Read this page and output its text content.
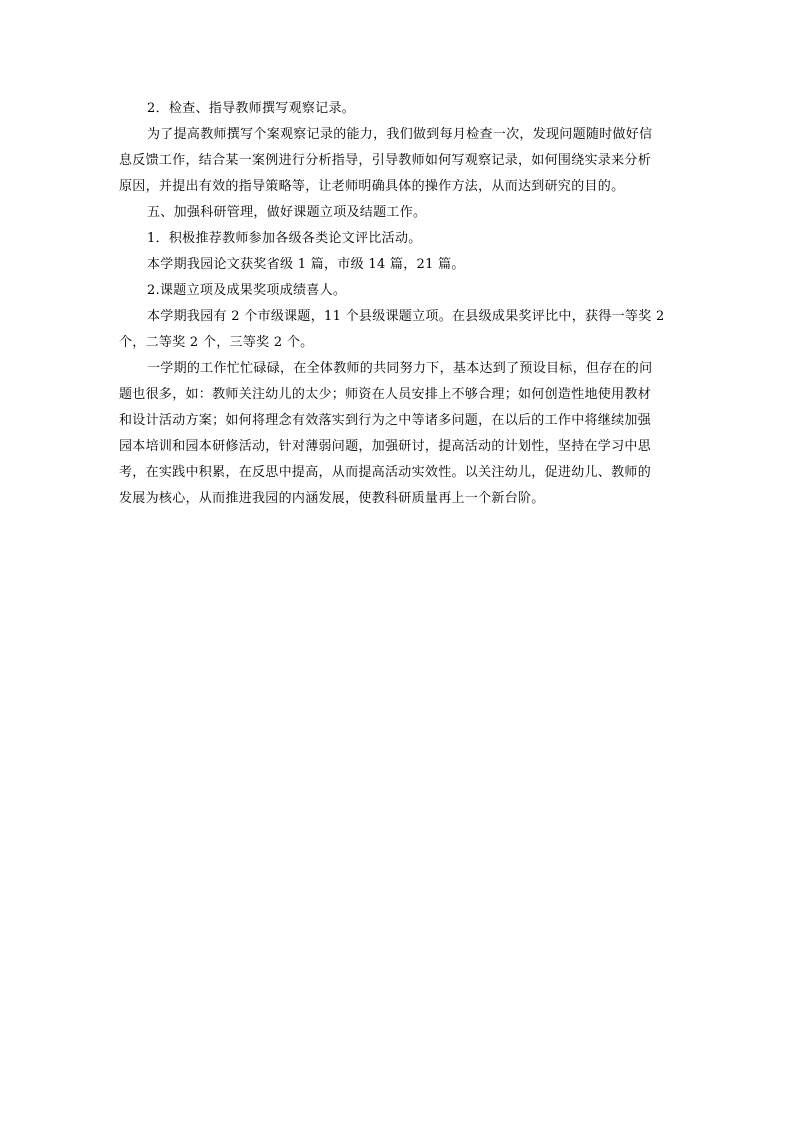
2．检查、指导教师撰写观察记录。
为了提高教师撰写个案观察记录的能力，我们做到每月检查一次，发现问题随时做好信
息反馈工作，结合某一案例进行分析指导，引导教师如何写观察记录，如何围绕实录来分析
原因，并提出有效的指导策略等，让老师明确具体的操作方法，从而达到研究的目的。
五、加强科研管理，做好课题立项及结题工作。
1．积极推荐教师参加各级各类论文评比活动。
本学期我园论文获奖省级 1 篇，市级 14 篇，21 篇。
2.课题立项及成果奖项成绩喜人。
本学期我园有 2 个市级课题，11 个县级课题立项。在县级成果奖评比中，获得一等奖 2
个，二等奖 2 个，三等奖 2 个。
一学期的工作忙忙碌碌，在全体教师的共同努力下，基本达到了预设目标，但存在的问
题也很多，如：教师关注幼儿的太少；师资在人员安排上不够合理；如何创造性地使用教材
和设计活动方案；如何将理念有效落实到行为之中等诸多问题，在以后的工作中将继续加强
园本培训和园本研修活动，针对薄弱问题，加强研讨，提高活动的计划性，坚持在学习中思
考，在实践中积累，在反思中提高，从而提高活动实效性。以关注幼儿，促进幼儿、教师的
发展为核心，从而推进我园的内涵发展，使教科研质量再上一个新台阶。
